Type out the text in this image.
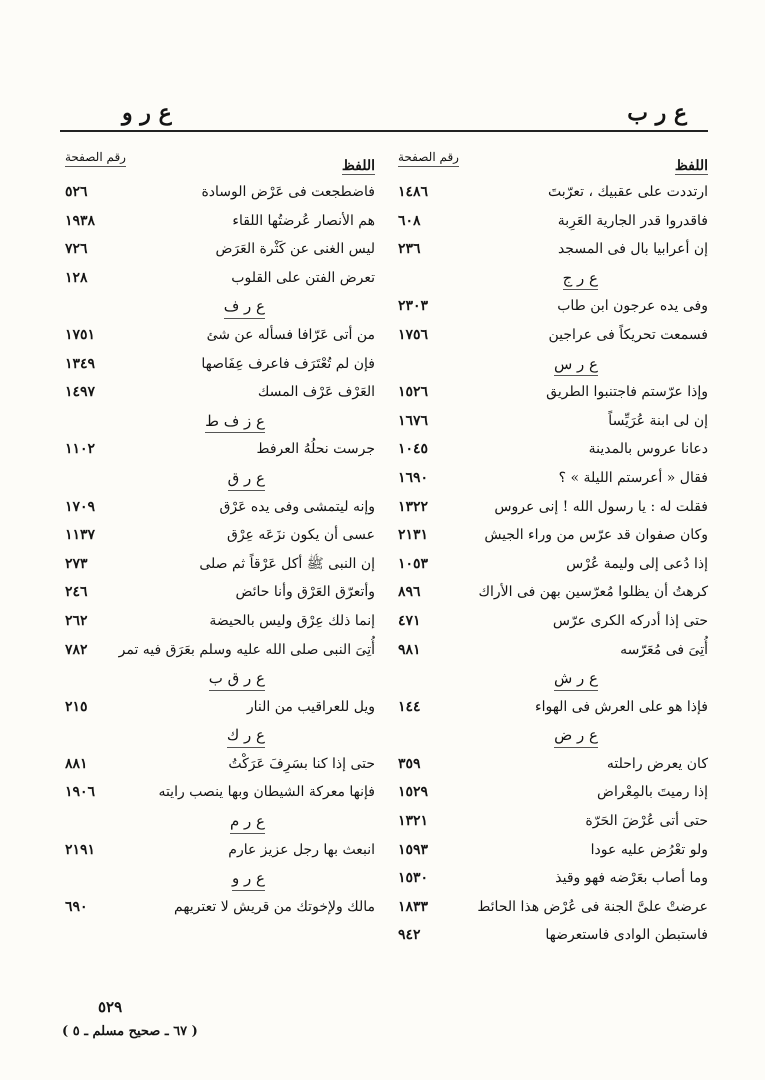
ع ر ب
ع ر و
اللفظ
رقم الصفحة
ارتددت على عقبيك ، تعرّبتَ
١٤٨٦
فاقدروا قدر الجارية العَرِبة
٦٠٨
إن أعرابيا بال فى المسجد
٢٣٦
ع ر ج
وفى يده عرجون ابن طاب
٢٣٠٣
فسمعت تحريكاً فى عراجين
١٧٥٦
ع ر س
وإذا عرّستم فاجتنبوا الطريق
١٥٢٦
إن لى ابنة عُرَيِّساً
١٦٧٦
دعانا عروس بالمدينة
١٠٤٥
فقال « أعرستم الليلة » ؟
١٦٩٠
فقلت له : يا رسول الله ! إنى عروس
١٣٢٢
وكان صفوان قد عرّس من وراء الجيش
٢١٣١
إذا دُعى إلى وليمة عُرْس
١٠٥٣
كرهتُ أن يظلوا مُعرّسين بهن فى الأراك
٨٩٦
حتى إذا أدركه الكرى عرّس
٤٧١
أُتِىَ فى مُعَرّسه
٩٨١
ع ر ش
فإذا هو على العرش فى الهواء
١٤٤
ع ر ض
كان يعرض راحلته
٣٥٩
إذا رميتَ بالمِعْراض
١٥٢٩
حتى أتى عُرْضَ الحَرّة
١٣٢١
ولو تعْرُض عليه عودا
١٥٩٣
وما أصاب بعَرْضه فهو وقيذ
١٥٣٠
عرضتْ علىَّ الجنة فى عُرْض هذا الحائط
١٨٣٣
فاستبطن الوادى فاستعرضها
٩٤٢
اللفظ
رقم الصفحة
فاضطجعت فى عَرْض الوسادة
٥٢٦
هم الأنصار عُرضتُها اللقاء
١٩٣٨
ليس الغنى عن كَثْرة العَرَض
٧٢٦
تعرض الفتن على القلوب
١٢٨
ع ر ف
من أتى عَرّافا فسأله عن شئ
١٧٥١
فإن لم تُعْتَرَف فاعرف عِفَاصها
١٣٤٩
العَرْف عَرْف المسك
١٤٩٧
ع ز ف ط
جرست نحلُهُ العرفط
١١٠٢
ع ر ق
وإنه ليتمشى وفى يده عَرْق
١٧٠٩
عسى أن يكون نزَعَه عِرْق
١١٣٧
إن النبى ﷺ أكل عَرْقاً ثم صلى
٢٧٣
وأتعرّق العَرْق وأنا حائض
٢٤٦
إنما ذلك عِرْق وليس بالحيضة
٢٦٢
أُتِىَ النبى صلى الله عليه وسلم بعَرَق فيه تمر
٧٨٢
ع ر ق ب
ويل للعراقيب من النار
٢١٥
ع ر ك
حتى إذا كنا بسَرِفَ عَرَكْتُ
٨٨١
فإنها معركة الشيطان وبها ينصب رايته
١٩٠٦
ع ر م
انبعث بها رجل عزيز عارم
٢١٩١
ع ر و
مالك ولإخوتك من قريش لا تعتريهم
٦٩٠
٥٢٩
( ٦٧ ـ صحيح مسلم ـ ٥ )
